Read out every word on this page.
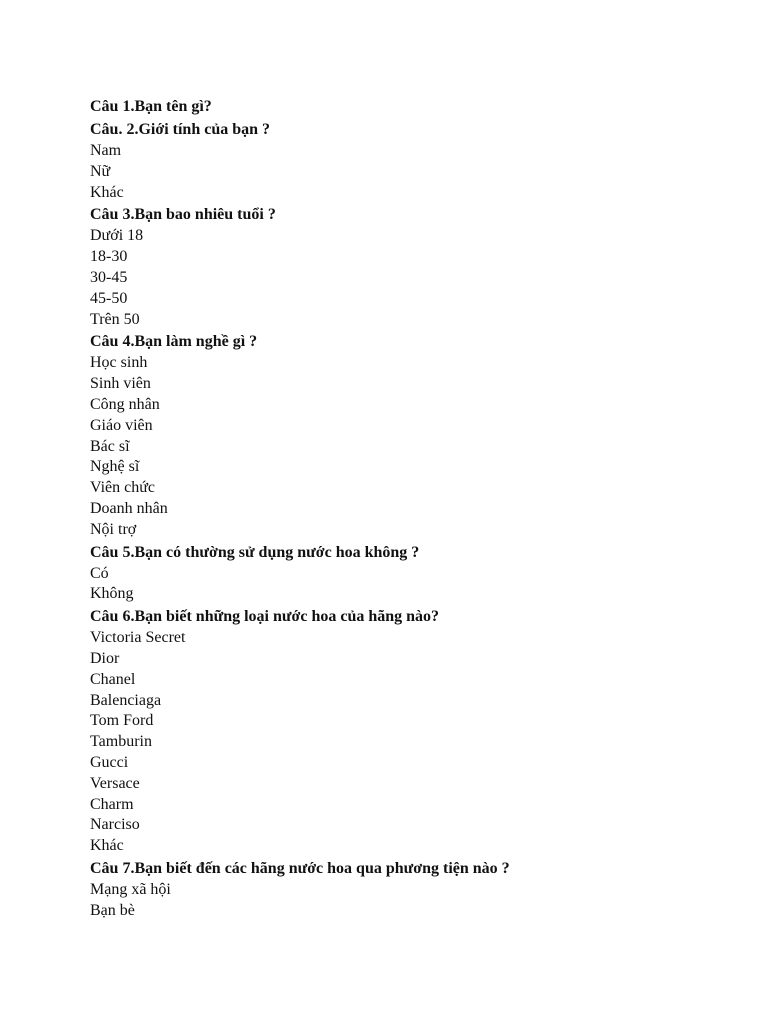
Câu 1.Bạn tên gì?
Câu. 2.Giới tính của bạn ?
Nam
Nữ
Khác
Câu 3.Bạn bao nhiêu tuổi ?
Dưới 18
18-30
30-45
45-50
Trên 50
Câu 4.Bạn làm nghề gì ?
Học sinh
Sinh viên
Công nhân
Giáo viên
Bác sĩ
Nghệ sĩ
Viên chức
Doanh nhân
Nội trợ
Câu 5.Bạn có thường sử dụng nước hoa không ?
Có
Không
Câu 6.Bạn biết những loại nước hoa của hãng nào?
Victoria Secret
Dior
Chanel
Balenciaga
Tom Ford
Tamburin
Gucci
Versace
Charm
Narciso
Khác
Câu 7.Bạn biết đến các hãng nước hoa qua phương tiện nào ?
Mạng xã hội
Bạn bè
